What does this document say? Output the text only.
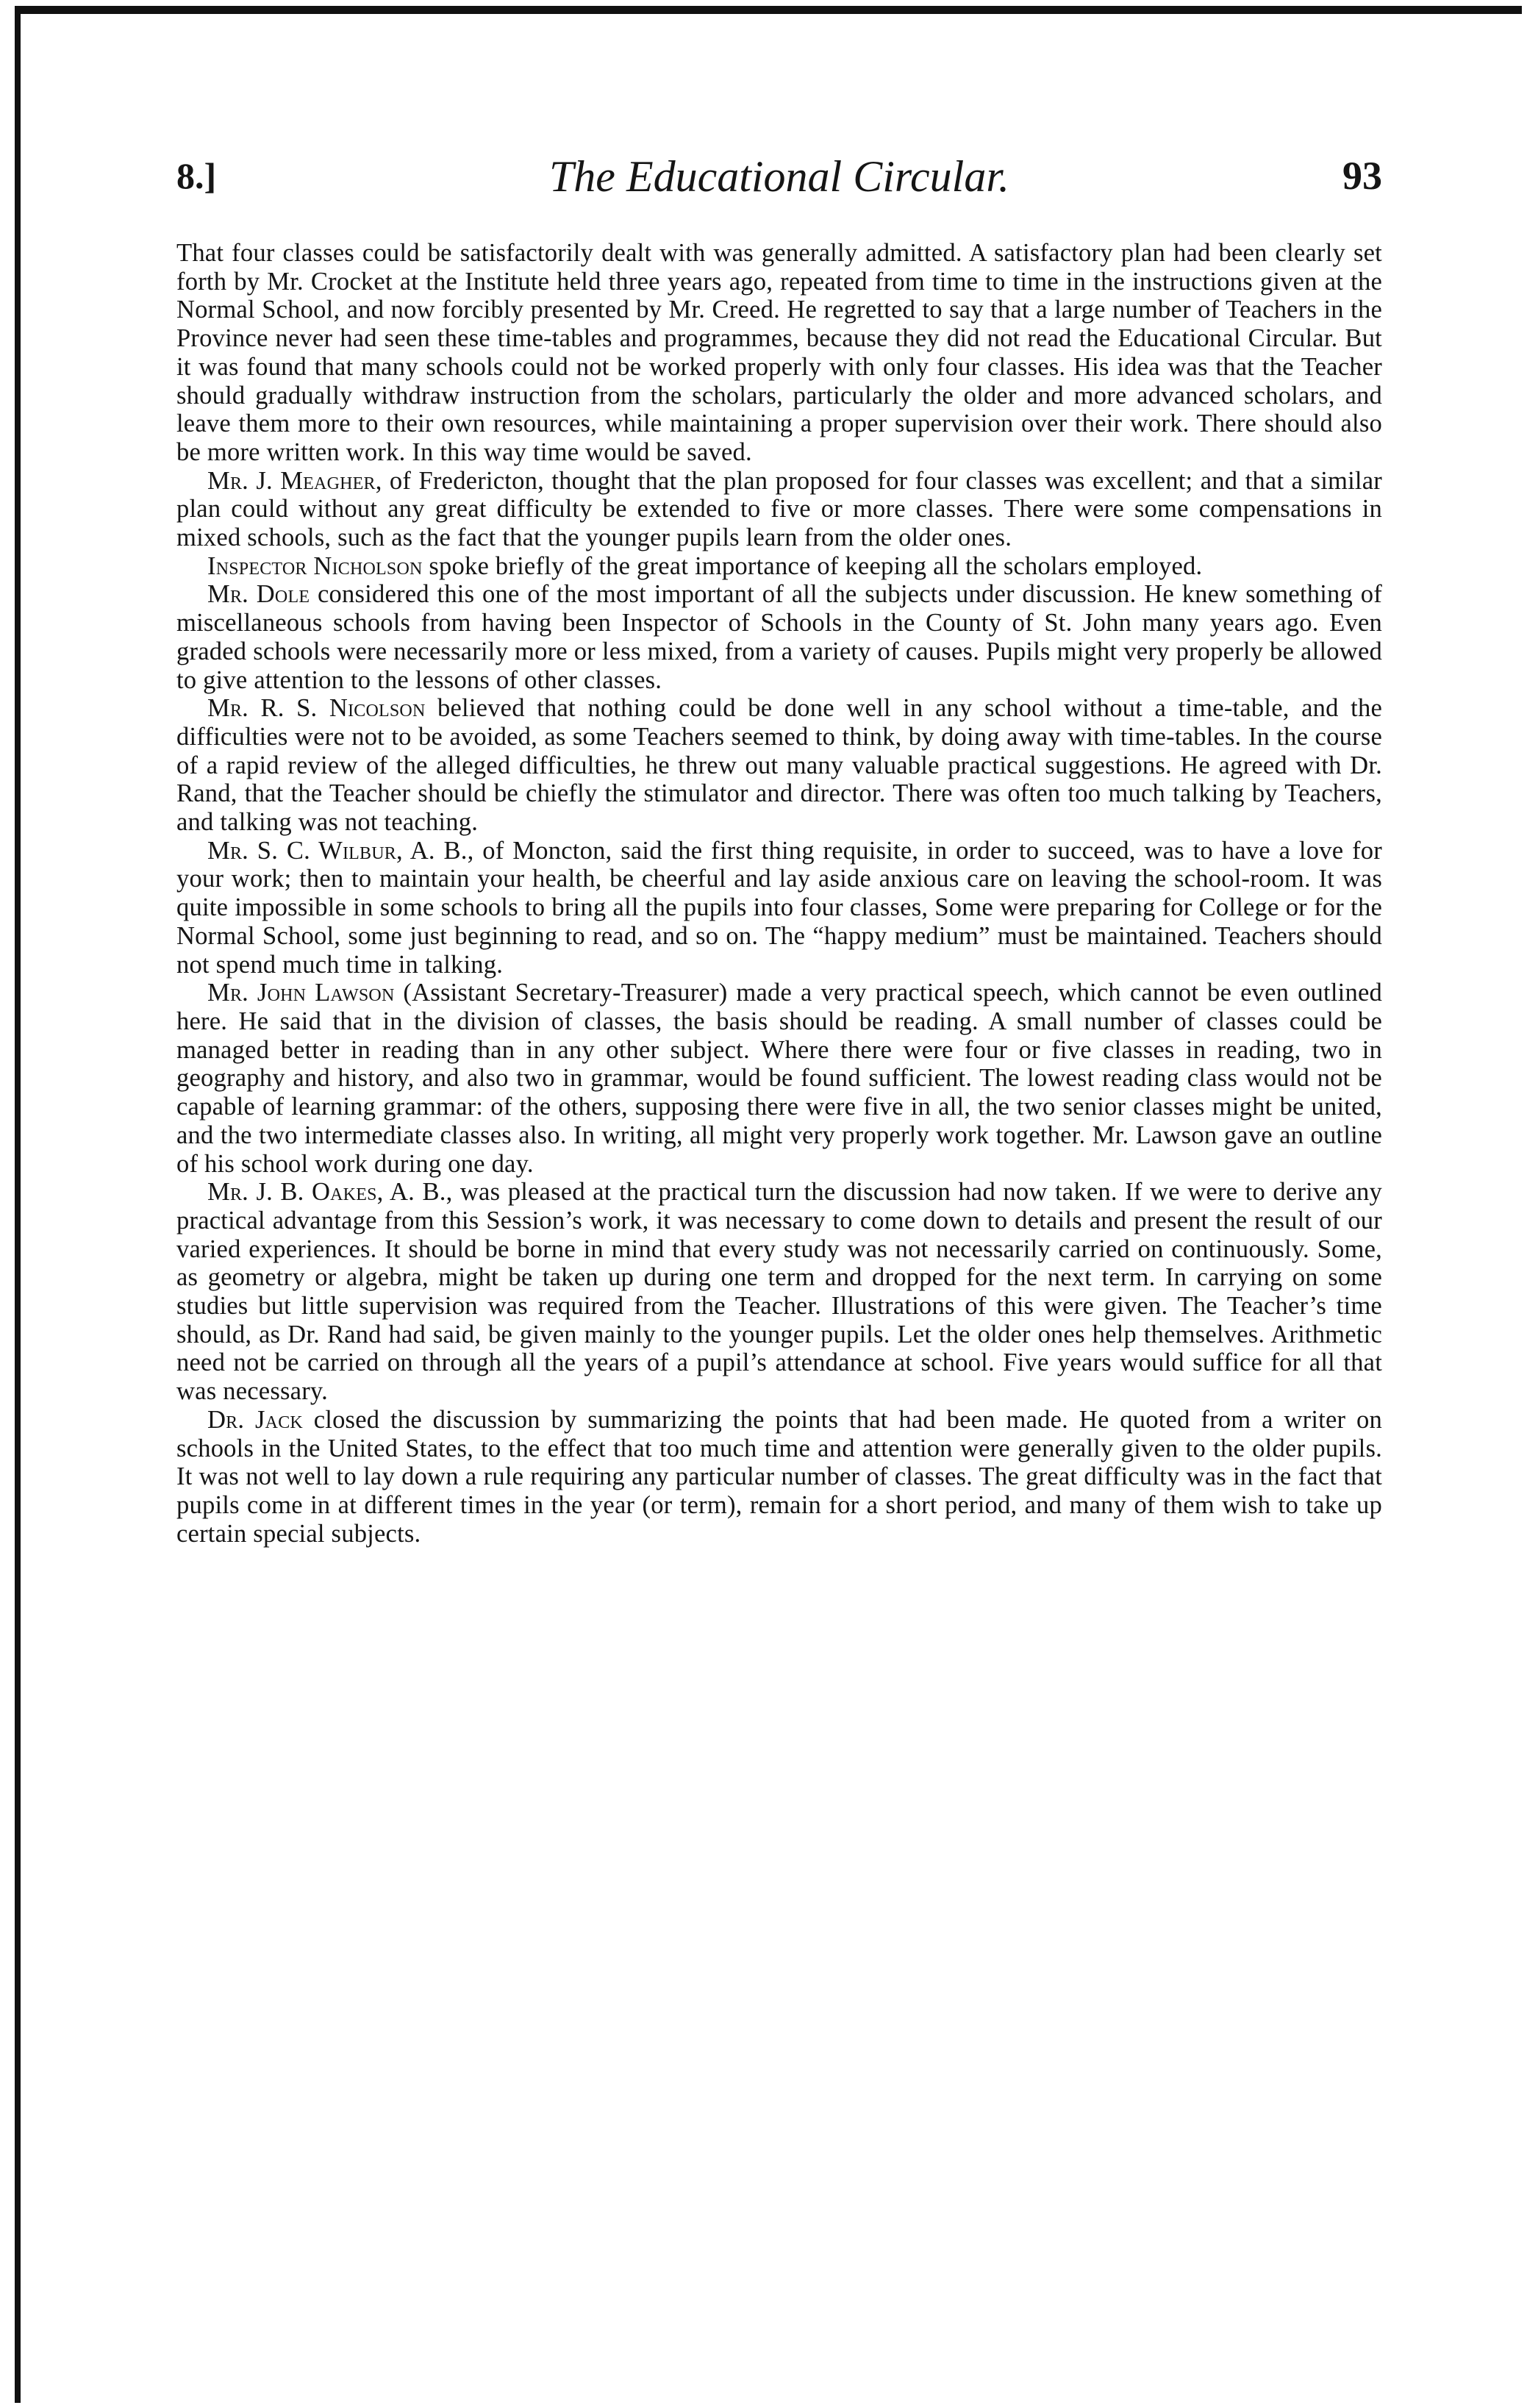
8.]	The Educational Circular.	93

That four classes could be satisfactorily dealt with was generally admitted. A satisfactory plan had been clearly set forth by Mr. Crocket at the Institute held three years ago, repeated from time to time in the instructions given at the Normal School, and now forcibly presented by Mr. Creed. He regretted to say that a large number of Teachers in the Province never had seen these time-tables and programmes, because they did not read the Educational Circular. But it was found that many schools could not be worked properly with only four classes. His idea was that the Teacher should gradually withdraw instruction from the scholars, particularly the older and more advanced scholars, and leave them more to their own resources, while maintaining a proper supervision over their work. There should also be more written work. In this way time would be saved.

Mr. J. Meagher, of Fredericton, thought that the plan proposed for four classes was excellent; and that a similar plan could without any great difficulty be extended to five or more classes. There were some compensations in mixed schools, such as the fact that the younger pupils learn from the older ones.

Inspector Nicholson spoke briefly of the great importance of keeping all the scholars employed.

Mr. Dole considered this one of the most important of all the subjects under discussion. He knew something of miscellaneous schools from having been Inspector of Schools in the County of St. John many years ago. Even graded schools were necessarily more or less mixed, from a variety of causes. Pupils might very properly be allowed to give attention to the lessons of other classes.

Mr. R. S. Nicolson believed that nothing could be done well in any school without a time-table, and the difficulties were not to be avoided, as some Teachers seemed to think, by doing away with time-tables. In the course of a rapid review of the alleged difficulties, he threw out many valuable practical suggestions. He agreed with Dr. Rand, that the Teacher should be chiefly the stimulator and director. There was often too much talking by Teachers, and talking was not teaching.

Mr. S. C. Wilbur, A. B., of Moncton, said the first thing requisite, in order to succeed, was to have a love for your work; then to maintain your health, be cheerful and lay aside anxious care on leaving the school-room. It was quite impossible in some schools to bring all the pupils into four classes, Some were preparing for College or for the Normal School, some just beginning to read, and so on. The “happy medium” must be maintained. Teachers should not spend much time in talking.

Mr. John Lawson (Assistant Secretary-Treasurer) made a very practical speech, which cannot be even outlined here. He said that in the division of classes, the basis should be reading. A small number of classes could be managed better in reading than in any other subject. Where there were four or five classes in reading, two in geography and history, and also two in grammar, would be found sufficient. The lowest reading class would not be capable of learning grammar: of the others, supposing there were five in all, the two senior classes might be united, and the two intermediate classes also. In writing, all might very properly work together. Mr. Lawson gave an outline of his school work during one day.

Mr. J. B. Oakes, A. B., was pleased at the practical turn the discussion had now taken. If we were to derive any practical advantage from this Session’s work, it was necessary to come down to details and present the result of our varied experiences. It should be borne in mind that every study was not necessarily carried on continuously. Some, as geometry or algebra, might be taken up during one term and dropped for the next term. In carrying on some studies but little supervision was required from the Teacher. Illustrations of this were given. The Teacher’s time should, as Dr. Rand had said, be given mainly to the younger pupils. Let the older ones help themselves. Arithmetic need not be carried on through all the years of a pupil’s attendance at school. Five years would suffice for all that was necessary.

Dr. Jack closed the discussion by summarizing the points that had been made. He quoted from a writer on schools in the United States, to the effect that too much time and attention were generally given to the older pupils. It was not well to lay down a rule requiring any particular number of classes. The great difficulty was in the fact that pupils come in at different times in the year (or term), remain for a short period, and many of them wish to take up certain special subjects.
